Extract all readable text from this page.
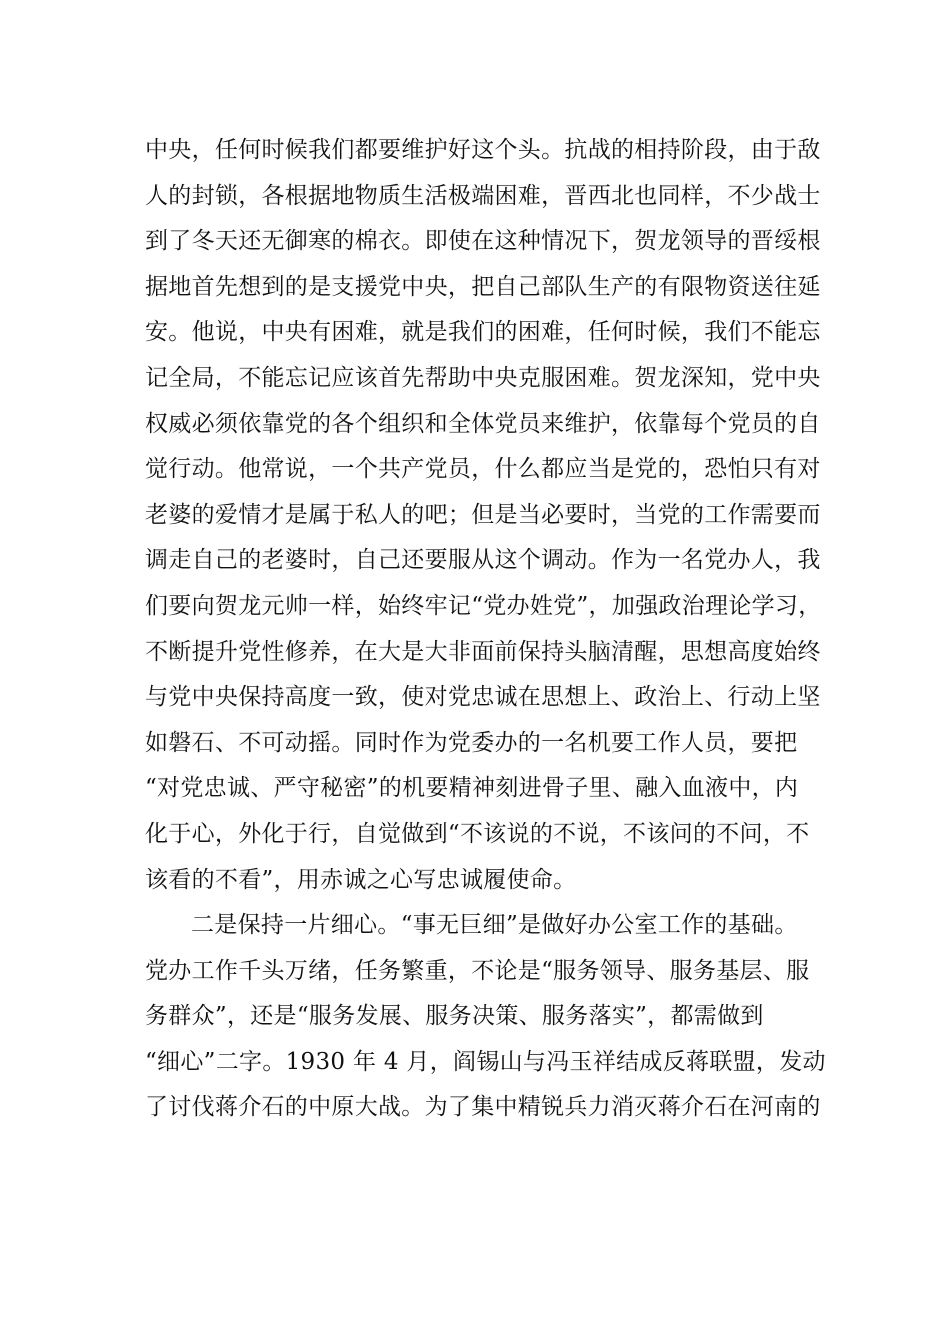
中央，任何时候我们都要维护好这个头。抗战的相持阶段，由于敌
人的封锁，各根据地物质生活极端困难，晋西北也同样，不少战士
到了冬天还无御寒的棉衣。即使在这种情况下，贺龙领导的晋绥根
据地首先想到的是支援党中央，把自己部队生产的有限物资送往延
安。他说，中央有困难，就是我们的困难，任何时候，我们不能忘
记全局，不能忘记应该首先帮助中央克服困难。贺龙深知，党中央
权威必须依靠党的各个组织和全体党员来维护，依靠每个党员的自
觉行动。他常说，一个共产党员，什么都应当是党的，恐怕只有对
老婆的爱情才是属于私人的吧；但是当必要时，当党的工作需要而
调走自己的老婆时，自己还要服从这个调动。作为一名党办人，我
们要向贺龙元帅一样，始终牢记“党办姓党”，加强政治理论学习，
不断提升党性修养，在大是大非面前保持头脑清醒，思想高度始终
与党中央保持高度一致，使对党忠诚在思想上、政治上、行动上坚
如磐石、不可动摇。同时作为党委办的一名机要工作人员，要把
“对党忠诚、严守秘密”的机要精神刻进骨子里、融入血液中，内
化于心，外化于行，自觉做到“不该说的不说，不该问的不问，不
该看的不看”，用赤诚之心写忠诚履使命。
二是保持一片细心。“事无巨细”是做好办公室工作的基础。
党办工作千头万绪，任务繁重，不论是“服务领导、服务基层、服
务群众”，还是“服务发展、服务决策、服务落实”，都需做到
“细心”二字。1930 年 4 月，阎锡山与冯玉祥结成反蒋联盟，发动
了讨伐蒋介石的中原大战。为了集中精锐兵力消灭蒋介石在河南的
